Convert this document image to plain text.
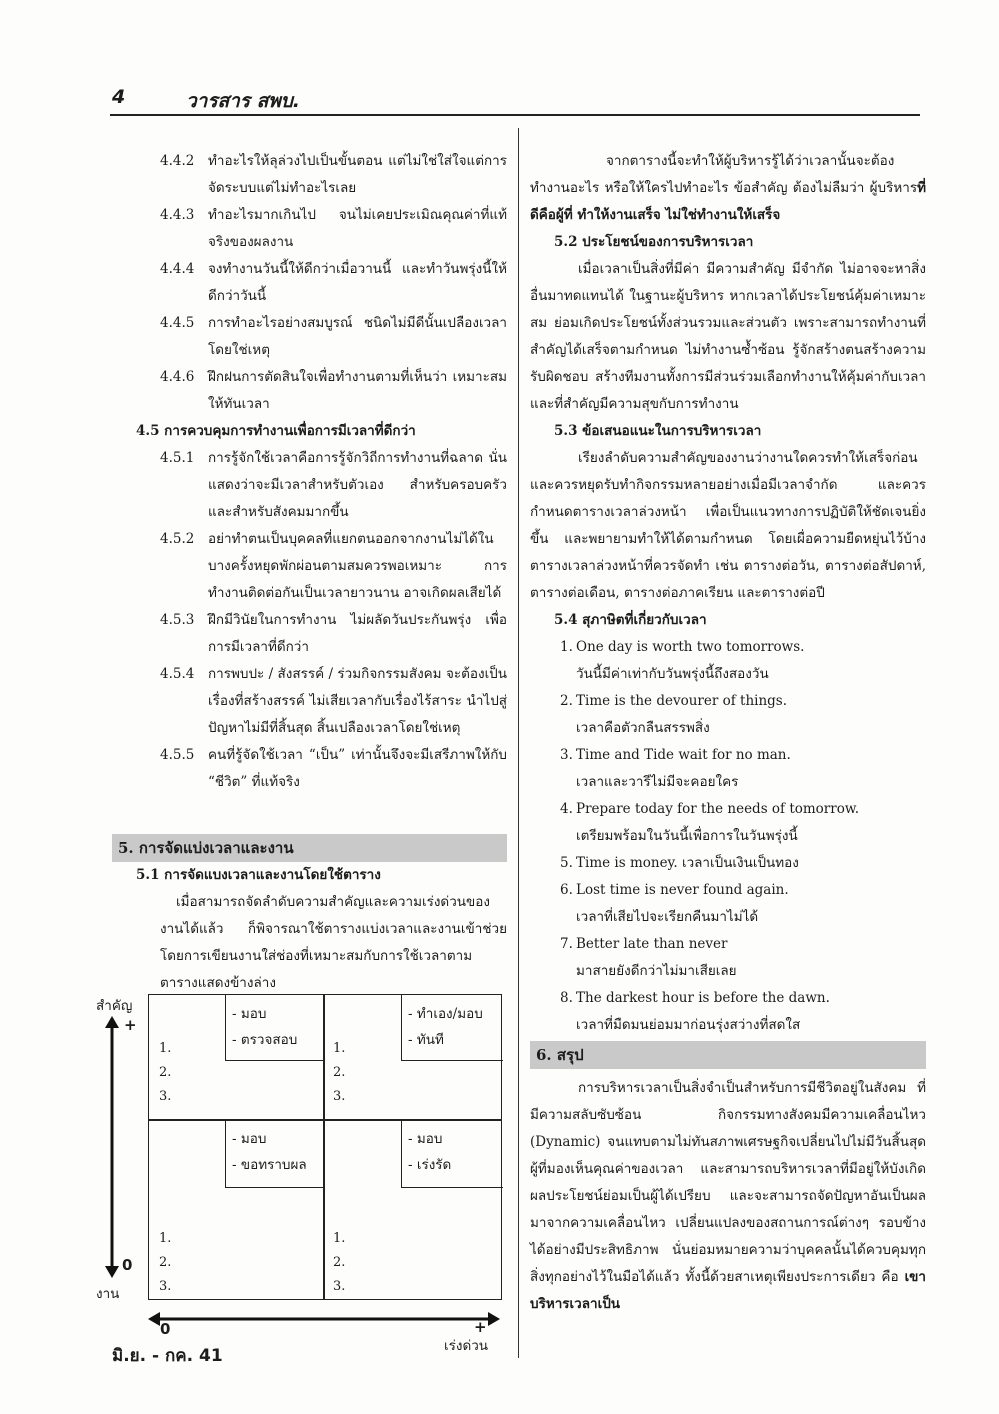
4	วารสาร สพบ.
4.4.2	ทำอะไรให้ลุล่วงไปเป็นขั้นตอน แต่ไม่ใช่ใส่ใจแต่การจัดระบบแต่ไม่ทำอะไรเลย
4.4.3	ทำอะไรมากเกินไป จนไม่เคยประเมิณคุณค่าที่แท้จริงของผลงาน
4.4.4	จงทำงานวันนี้ให้ดีกว่าเมื่อวานนี้ และทำวันพรุ่งนี้ให้ดีกว่าวันนี้
4.4.5	การทำอะไรอย่างสมบูรณ์ ชนิดไม่มีดีนั้นเปลืองเวลาโดยใช่เหตุ
4.4.6	ฝึกฝนการตัดสินใจเพื่อทำงานตามที่เห็นว่า เหมาะสมให้ทันเวลา
4.5 การควบคุมการทำงานเพื่อการมีเวลาที่ดีกว่า
4.5.1	การรู้จักใช้เวลาคือการรู้จักวิถีการทำงานที่ฉลาด นั่นแสดงว่าจะมีเวลาสำหรับตัวเอง สำหรับครอบครัวและสำหรับสังคมมากขึ้น
4.5.2	อย่าทำตนเป็นบุคคลที่แยกตนออกจากงานไม่ได้ในบางครั้งหยุดพักผ่อนตามสมควรพอเหมาะ การทำงานติดต่อกันเป็นเวลายาวนาน อาจเกิดผลเสียได้
4.5.3	ฝึกมีวินัยในการทำงาน ไม่ผลัดวันประกันพรุ่ง เพื่อการมีเวลาที่ดีกว่า
4.5.4	การพบปะ / สังสรรค์ / ร่วมกิจกรรมสังคม จะต้องเป็นเรื่องที่สร้างสรรค์ ไม่เสียเวลากับเรื่องไร้สาระ นำไปสู่ปัญหาไม่มีที่สิ้นสุด สิ้นเปลืองเวลาโดยใช่เหตุ
4.5.5	คนที่รู้จัดใช้เวลา “เป็น” เท่านั้นจึงจะมีเสรีภาพให้กับ “ชีวิต” ที่แท้จริง
5. การจัดแบ่งเวลาและงาน
5.1 การจัดแบงเวลาและงานโดยใช้ตาราง
เมื่อสามารถจัดลำดับความสำคัญและความเร่งด่วนของงานได้แล้ว ก็พิจารณาใช้ตารางแบ่งเวลาและงานเข้าช่วย โดยการเขียนงานใส่ช่องที่เหมาะสมกับการใช้เวลาตามตารางแสดงข้างล่าง
สำคัญ
+
0
งาน
- มอบ
- ตรวจสอบ
- ทำเอง/มอบ
- ทันที
- มอบ
- ขอทราบผล
- มอบ
- เร่งรัด
1.
2.
3.
1.
2.
3.
1.
2.
3.
1.
2.
3.
0	+
เร่งด่วน
จากตารางนี้จะทำให้ผู้บริหารรู้ได้ว่าเวลานั้นจะต้องทำงานอะไร หรือให้ใครไปทำอะไร ข้อสำคัญ ต้องไม่ลืมว่า ผู้บริหารที่ดีคือผู้ที่ ทำให้งานเสร็จ ไม่ใช่ทำงานให้เสร็จ
5.2 ประโยชน์ของการบริหารเวลา
เมื่อเวลาเป็นสิ่งที่มีค่า มีความสำคัญ มีจำกัด ไม่อาจจะหาสิ่งอื่นมาทดแทนได้ ในฐานะผู้บริหาร หากเวลาได้ประโยชน์คุ้มค่าเหมาะสม ย่อมเกิดประโยชน์ทั้งส่วนรวมและส่วนตัว เพราะสามารถทำงานที่สำคัญได้เสร็จตามกำหนด ไม่ทำงานซ้ำซ้อน รู้จักสร้างตนสร้างความรับผิดชอบ สร้างทีมงานทั้งการมีส่วนร่วมเลือกทำงานให้คุ้มค่ากับเวลาและที่สำคัญมีความสุขกับการทำงาน
5.3 ข้อเสนอแนะในการบริหารเวลา
เรียงลำดับความสำคัญของงานว่างานใดควรทำให้เสร็จก่อน และควรหยุดรับทำกิจกรรมหลายอย่างเมื่อมีเวลาจำกัด และควรกำหนดตารางเวลาล่วงหน้า เพื่อเป็นแนวทางการปฏิบัติให้ชัดเจนยิ่งขึ้น และพยายามทำให้ได้ตามกำหนด โดยเผื่อความยืดหยุ่นไว้บ้าง ตารางเวลาล่วงหน้าที่ควรจัดทำ เช่น ตารางต่อวัน, ตารางต่อสัปดาห์, ตารางต่อเดือน, ตารางต่อภาคเรียน และตารางต่อปี
5.4 สุภาษิตที่เกี่ยวกับเวลา
1. One day is worth two tomorrows.
วันนี้มีค่าเท่ากับวันพรุ่งนี้ถึงสองวัน
2. Time is the devourer of things.
เวลาคือตัวกลืนสรรพสิ่ง
3. Time and Tide wait for no man.
เวลาและวารีไม่มีจะคอยใคร
4. Prepare today for the needs of tomorrow.
เตรียมพร้อมในวันนี้เพื่อการในวันพรุ่งนี้
5. Time is money. เวลาเป็นเงินเป็นทอง
6. Lost time is never found again.
เวลาที่เสียไปจะเรียกคืนมาไม่ได้
7. Better late than never
มาสายยังดีกว่าไม่มาเสียเลย
8. The darkest hour is before the dawn.
เวลาที่มืดมนย่อมมาก่อนรุ่งสว่างที่สดใส
6. สรุป
การบริหารเวลาเป็นสิ่งจำเป็นสำหรับการมีชีวิตอยู่ในสังคม ที่มีความสลับซับซ้อน กิจกรรมทางสังคมมีความเคลื่อนไหว (Dynamic) จนแทบตามไม่ทันสภาพเศรษฐกิจเปลี่ยนไปไม่มีวันสิ้นสุด ผู้ที่มองเห็นคุณค่าของเวลา และสามารถบริหารเวลาที่มีอยู่ให้บังเกิดผลประโยชน์ย่อมเป็นผู้ได้เปรียบ และจะสามารถจัดปัญหาอันเป็นผลมาจากความเคลื่อนไหว เปลี่ยนแปลงของสถานการณ์ต่างๆ รอบข้างได้อย่างมีประสิทธิภาพ นั่นย่อมหมายความว่าบุคคลนั้นได้ควบคุมทุกสิ่งทุกอย่างไว้ในมือได้แล้ว ทั้งนี้ด้วยสาเหตุเพียงประการเดียว คือ เขาบริหารเวลาเป็น
มิ.ย. - กค. 41
